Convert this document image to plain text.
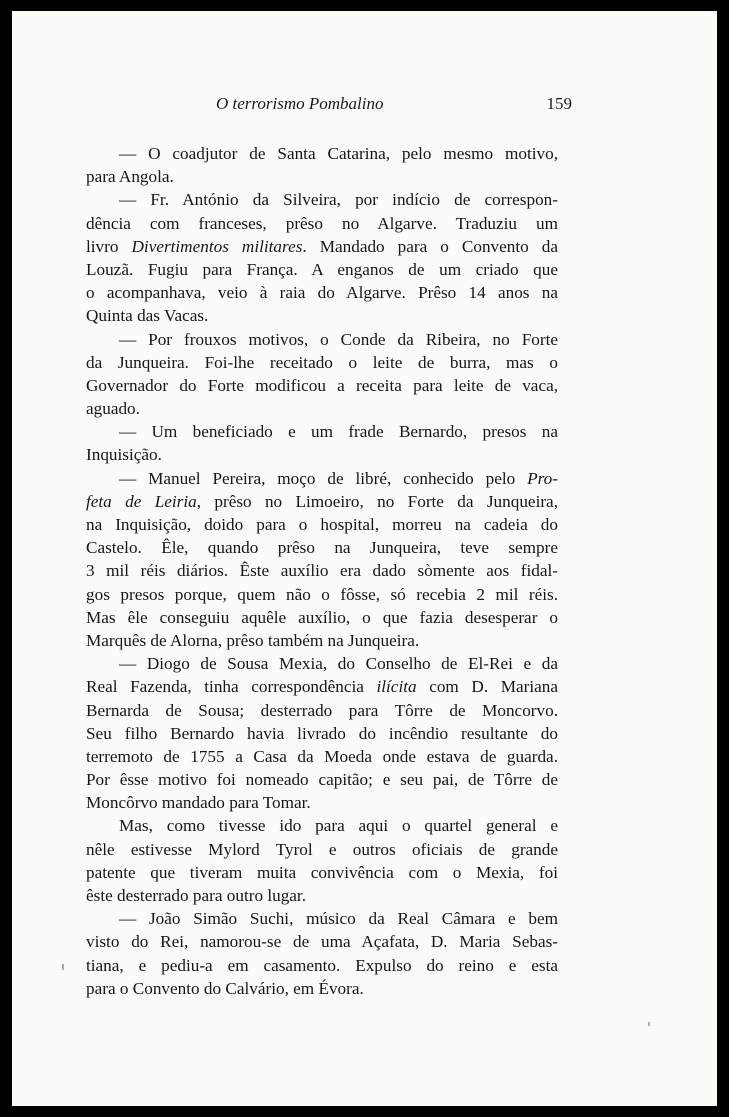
O terrorismo Pombalino	159
— O coadjutor de Santa Catarina, pelo mesmo motivo,
para Angola.
— Fr. António da Silveira, por indício de correspon-
dência com franceses, prêso no Algarve. Traduziu um
livro Divertimentos militares. Mandado para o Convento da
Louzã. Fugiu para França. A enganos de um criado que
o acompanhava, veio à raia do Algarve. Prêso 14 anos na
Quinta das Vacas.
— Por frouxos motivos, o Conde da Ribeira, no Forte
da Junqueira. Foi-lhe receitado o leite de burra, mas o
Governador do Forte modificou a receita para leite de vaca,
aguado.
— Um beneficiado e um frade Bernardo, presos na
Inquisição.
— Manuel Pereira, moço de libré, conhecido pelo Pro-
feta de Leiria, prêso no Limoeiro, no Forte da Junqueira,
na Inquisição, doido para o hospital, morreu na cadeia do
Castelo. Êle, quando prêso na Junqueira, teve sempre
3 mil réis diários. Êste auxílio era dado sòmente aos fidal-
gos presos porque, quem não o fôsse, só recebia 2 mil réis.
Mas êle conseguiu aquêle auxílio, o que fazia desesperar o
Marquês de Alorna, prêso também na Junqueira.
— Diogo de Sousa Mexia, do Conselho de El-Rei e da
Real Fazenda, tinha correspondência ilícita com D. Mariana
Bernarda de Sousa; desterrado para Tôrre de Moncorvo.
Seu filho Bernardo havia livrado do incêndio resultante do
terremoto de 1755 a Casa da Moeda onde estava de guarda.
Por êsse motivo foi nomeado capitão; e seu pai, de Tôrre de
Moncôrvo mandado para Tomar.
Mas, como tivesse ido para aqui o quartel general e
nêle estivesse Mylord Tyrol e outros oficiais de grande
patente que tiveram muita convivência com o Mexia, foi
êste desterrado para outro lugar.
— João Simão Suchi, músico da Real Câmara e bem
visto do Rei, namorou-se de uma Açafata, D. Maria Sebas-
tiana, e pediu-a em casamento. Expulso do reino e esta
para o Convento do Calvário, em Évora.
